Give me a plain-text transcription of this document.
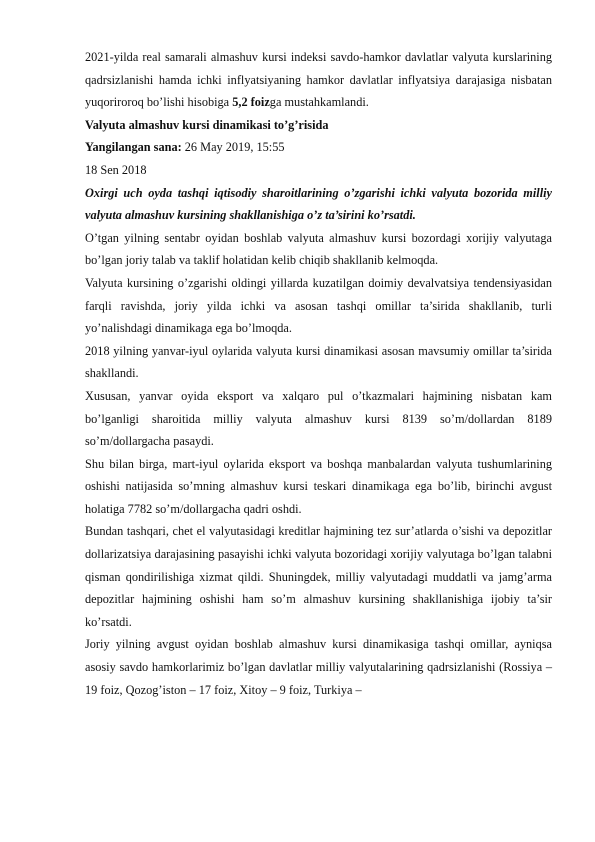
2021-yilda real samarali almashuv kursi indeksi savdo-hamkor davlatlar valyuta kurslarining qadrsizlanishi hamda ichki inflyatsiyaning hamkor davlatlar inflyatsiya darajasiga nisbatan yuqoriroroq bo’lishi hisobiga 5,2 foizga mustahkamlandi.

Valyuta almashuv kursi dinamikasi to’g’risida

Yangilangan sana: 26 May 2019, 15:55

18 Sen 2018

Oxirgi uch oyda tashqi iqtisodiy sharoitlarining o’zgarishi ichki valyuta bozorida milliy valyuta almashuv kursining shakllanishiga o’z ta’sirini ko’rsatdi.

O’tgan yilning sentabr oyidan boshlab valyuta almashuv kursi bozordagi xorijiy valyutaga bo’lgan joriy talab va taklif holatidan kelib chiqib shakllanib kelmoqda.

Valyuta kursining o’zgarishi oldingi yillarda kuzatilgan doimiy devalvatsiya tendensiyasidan farqli ravishda, joriy yilda ichki va asosan tashqi omillar ta’sirida shakllanib, turli yo’nalishdagi dinamikaga ega bo’lmoqda.

2018 yilning yanvar-iyul oylarida valyuta kursi dinamikasi asosan mavsumiy omillar ta’sirida shakllandi.

Xususan, yanvar oyida eksport va xalqaro pul o’tkazmalari hajmining nisbatan kam bo’lganligi sharoitida milliy valyuta almashuv kursi 8139 so’m/dollardan 8189 so’m/dollargacha pasaydi.

Shu bilan birga, mart-iyul oylarida eksport va boshqa manbalardan valyuta tushumlarining oshishi natijasida so’mning almashuv kursi teskari dinamikaga ega bo’lib, birinchi avgust holatiga 7782 so’m/dollargacha qadri oshdi.

Bundan tashqari, chet el valyutasidagi kreditlar hajmining tez sur’atlarda o’sishi va depozitlar dollarizatsiya darajasining pasayishi ichki valyuta bozoridagi xorijiy valyutaga bo’lgan talabni qisman qondirilishiga xizmat qildi. Shuningdek, milliy valyutadagi muddatli va jamg’arma depozitlar hajmining oshishi ham so’m almashuv kursining shakllanishiga ijobiy ta’sir ko’rsatdi.

Joriy yilning avgust oyidan boshlab almashuv kursi dinamikasiga tashqi omillar, ayniqsa asosiy savdo hamkorlarimiz bo’lgan davlatlar milliy valyutalarining qadrsizlanishi (Rossiya – 19 foiz, Qozog’iston – 17 foiz, Xitoy – 9 foiz, Turkiya –
